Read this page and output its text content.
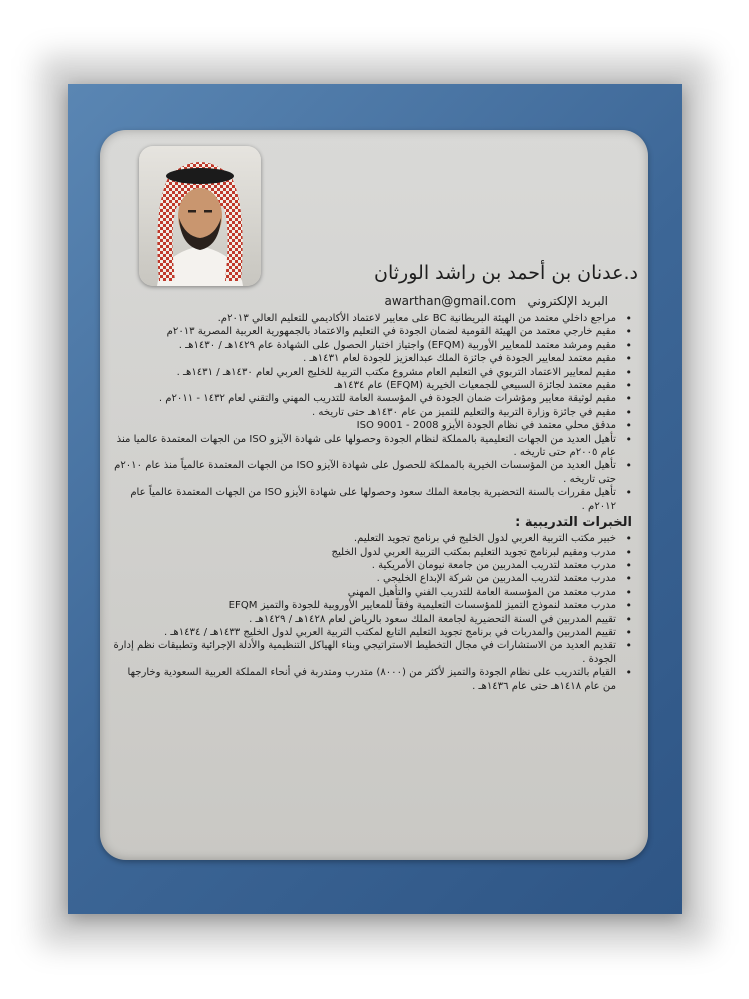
د.عدنان بن أحمد بن راشد الورثان
البريد الإلكتروني   awarthan@gmail.com
• مراجع داخلي معتمد من الهيئة البريطانية BC على معايير لاعتماد الأكاديمي للتعليم العالي ٢٠١٣م.
• مقيم خارجي معتمد من الهيئة القومية لضمان الجودة في التعليم والاعتماد بالجمهورية العربية المصرية ٢٠١٣م
• مقيم ومرشد معتمد للمعايير الأوربية (EFQM) واجتياز اختبار الحصول على الشهادة عام ١٤٢٩هـ / ١٤٣٠هـ .
• مقيم معتمد لمعايير الجودة في جائزة الملك عبدالعزيز للجودة لعام ١٤٣١هـ .
• مقيم لمعايير الاعتماد التربوي في التعليم العام مشروع مكتب التربية للخليج العربي لعام ١٤٣٠هـ / ١٤٣١هـ .
• مقيم معتمد لجائزة السبيعي للجمعيات الخيرية (EFQM) عام ١٤٣٤هـ
• مقيم لوثيقة معايير ومؤشرات ضمان الجودة في المؤسسة العامة للتدريب المهني والتقني لعام ١٤٣٢ - ٢٠١١م .
• مقيم في جائزة وزارة التربية والتعليم للتميز من عام ١٤٣٠هـ حتى تاريخه .
• مدقق محلي معتمد في نظام الجودة الأيزو 2008 - ISO 9001
• تأهيل العديد من الجهات التعليمية بالمملكة لنظام الجودة وحصولها على شهادة الآيزو ISO من الجهات المعتمدة عالميا منذ عام ٢٠٠٥م حتى تاريخه .
• تأهيل العديد من المؤسسات الخيرية بالمملكة للحصول على شهادة الآيزو ISO من الجهات المعتمدة عالمياً منذ عام ٢٠١٠م حتى تاريخه .
• تأهيل مقررات بالسنة التحضيرية بجامعة الملك سعود وحصولها على شهادة الأيزو ISO من الجهات المعتمدة عالمياً عام ٢٠١٢م .
الخبرات التدريبية :
• خبير مكتب التربية العربي لدول الخليج في برنامج تجويد التعليم.
• مدرب ومقيم لبرنامج تجويد التعليم بمكتب التربية العربي لدول الخليج
• مدرب معتمد لتدريب المدربين من جامعة نيومان الأمريكية .
• مدرب معتمد لتدريب المدربين من شركة الإبداع الخليجي .
• مدرب معتمد من المؤسسة العامة للتدريب الفني والتأهيل المهني
• مدرب معتمد لنموذج التميز للمؤسسات التعليمية وفقاً للمعايير الأوروبية للجودة والتميز EFQM
• تقييم المدربين في السنة التحضيرية لجامعة الملك سعود بالرياض لعام ١٤٢٨هـ / ١٤٢٩هـ .
• تقييم المدربين والمدربات في برنامج تجويد التعليم التابع لمكتب التربية العربي لدول الخليج ١٤٣٣هـ / ١٤٣٤هـ .
• تقديم العديد من الاستشارات في مجال التخطيط الاستراتيجي وبناء الهياكل التنظيمية والأدلة الإجرائية وتطبيقات نظم إدارة الجودة .
• القيام بالتدريب على نظام الجودة والتميز لأكثر من (٨٠٠٠) متدرب ومتدربة في أنحاء المملكة العربية السعودية وخارجها من عام ١٤١٨هـ حتى عام ١٤٣٦هـ .
